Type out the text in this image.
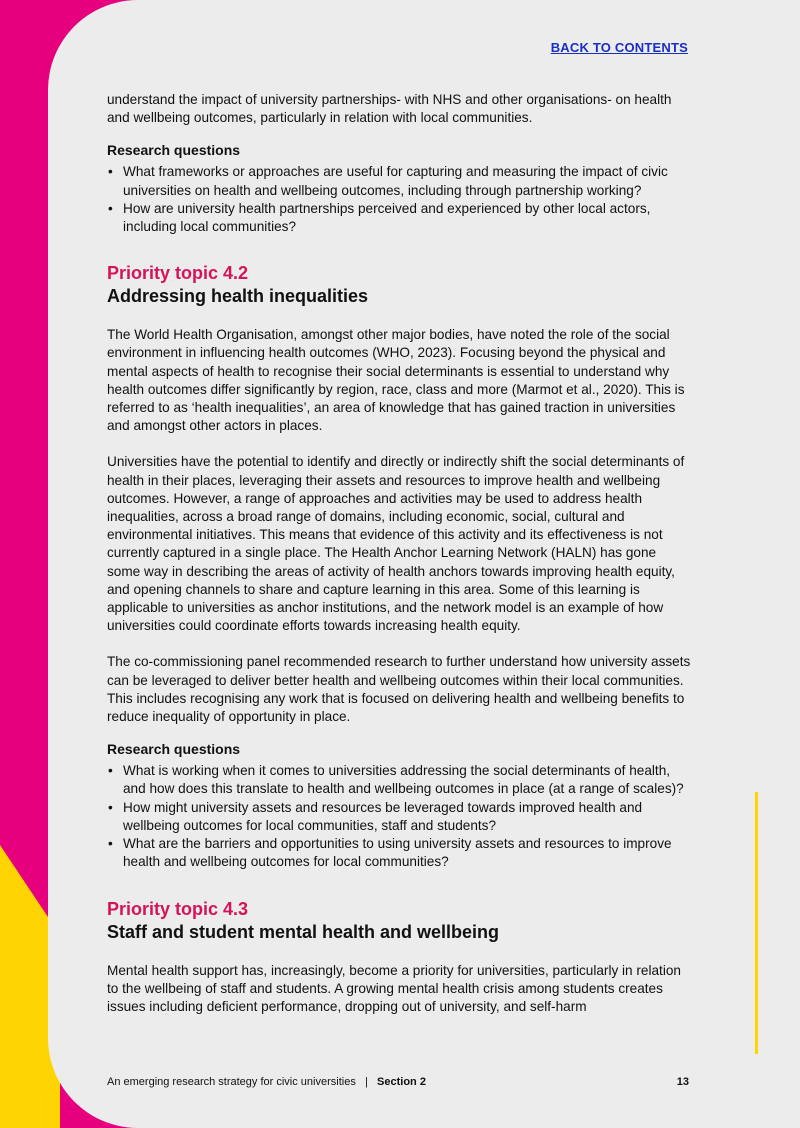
BACK TO CONTENTS

understand the impact of university partnerships- with NHS and other organisations- on health and wellbeing outcomes, particularly in relation with local communities.

Research questions
• What frameworks or approaches are useful for capturing and measuring the impact of civic universities on health and wellbeing outcomes, including through partnership working?
• How are university health partnerships perceived and experienced by other local actors, including local communities?
Priority topic 4.2
Addressing health inequalities

The World Health Organisation, amongst other major bodies, have noted the role of the social environment in influencing health outcomes (WHO, 2023). Focusing beyond the physical and mental aspects of health to recognise their social determinants is essential to understand why health outcomes differ significantly by region, race, class and more (Marmot et al., 2020). This is referred to as ‘health inequalities’, an area of knowledge that has gained traction in universities and amongst other actors in places.

Universities have the potential to identify and directly or indirectly shift the social determinants of health in their places, leveraging their assets and resources to improve health and wellbeing outcomes. However, a range of approaches and activities may be used to address health inequalities, across a broad range of domains, including economic, social, cultural and environmental initiatives. This means that evidence of this activity and its effectiveness is not currently captured in a single place. The Health Anchor Learning Network (HALN) has gone some way in describing the areas of activity of health anchors towards improving health equity, and opening channels to share and capture learning in this area. Some of this learning is applicable to universities as anchor institutions, and the network model is an example of how universities could coordinate efforts towards increasing health equity.

The co-commissioning panel recommended research to further understand how university assets can be leveraged to deliver better health and wellbeing outcomes within their local communities. This includes recognising any work that is focused on delivering health and wellbeing benefits to reduce inequality of opportunity in place.

Research questions
• What is working when it comes to universities addressing the social determinants of health, and how does this translate to health and wellbeing outcomes in place (at a range of scales)?
• How might university assets and resources be leveraged towards improved health and wellbeing outcomes for local communities, staff and students?
• What are the barriers and opportunities to using university assets and resources to improve health and wellbeing outcomes for local communities?
Priority topic 4.3
Staff and student mental health and wellbeing

Mental health support has, increasingly, become a priority for universities, particularly in relation to the wellbeing of staff and students. A growing mental health crisis among students creates issues including deficient performance, dropping out of university, and self-harm

An emerging research strategy for civic universities | Section 2	13
